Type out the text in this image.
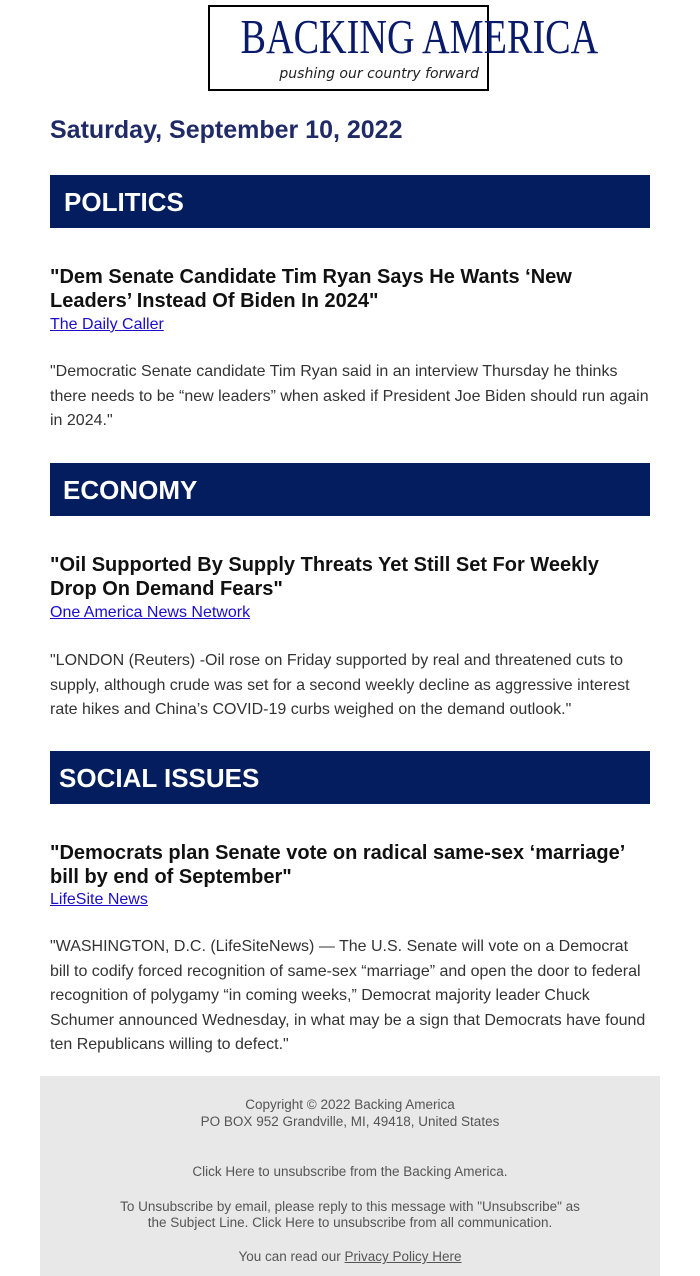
BACKING AMERICA
pushing our country forward
Saturday, September 10, 2022
POLITICS
"Dem Senate Candidate Tim Ryan Says He Wants ‘New Leaders’ Instead Of Biden In 2024"
The Daily Caller
"Democratic Senate candidate Tim Ryan said in an interview Thursday he thinks there needs to be “new leaders” when asked if President Joe Biden should run again in 2024."
ECONOMY
"Oil Supported By Supply Threats Yet Still Set For Weekly Drop On Demand Fears"
One America News Network
"LONDON (Reuters) -Oil rose on Friday supported by real and threatened cuts to supply, although crude was set for a second weekly decline as aggressive interest rate hikes and China’s COVID-19 curbs weighed on the demand outlook."
SOCIAL ISSUES
"Democrats plan Senate vote on radical same-sex ‘marriage’ bill by end of September"
LifeSite News
"WASHINGTON, D.C. (LifeSiteNews) — The U.S. Senate will vote on a Democrat bill to codify forced recognition of same-sex “marriage” and open the door to federal recognition of polygamy “in coming weeks,” Democrat majority leader Chuck Schumer announced Wednesday, in what may be a sign that Democrats have found ten Republicans willing to defect."
Copyright © 2022 Backing America
PO BOX 952 Grandville, MI, 49418, United States
Click Here to unsubscribe from the Backing America.
To Unsubscribe by email, please reply to this message with "Unsubscribe" as
the Subject Line. Click Here to unsubscribe from all communication.
You can read our Privacy Policy Here
